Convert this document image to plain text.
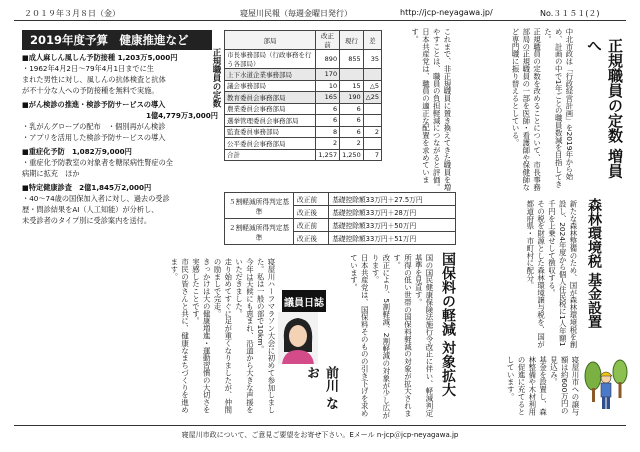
２０１９年３月８日（金）	寝屋川民報（毎週金曜日発行）	http://jcp-neyagawa.jp/	No.３１５１(２)
2019年度予算　健康推進など
■成人麻しん風しん予防接種 1,203万5,000円
・1962年4月2日〜79年4月1日までに生
まれた男性に対し、風しんの抗体検査と抗体
が不十分な人への予防接種を無料で実施。
■がん検診の推進・検診予防サービスの導入
1億4,779万3,000円
・乳がんグローブの配布　・個別再がん検診
・アプリを活用した検診予防サービスの導入
■重症化予防　 1,082万9,000円
・重症化予防教室の対象者を糖尿病性腎症の全
病期に拡充　ほか
■特定健康診査　 2億1,845万2,000円
・40〜74歳の国保加入者に対し、過去の受診
歴・問診結果をAI（人工知能）が分析し、
未受診者のタイプ別に受診案内を送付。
正規職員の定数
部局	改正前	現行	差
市長事務部局（行政事務を行う各部局）	890	855	35
上下水道企業事務部局	170		
議会事務部局	10	15	△5
教育委員会事務部局	165	190	△25
農業委員会事務部局	6	6	
選挙管理委員会事務部局	6	6	
監査委員事務部局	8	6	2
公平委員会事務部局	2	2	
合計	1,257	1,250	7	これまで、非正規職員に置き換えてきた職員を増やすことは、職員の負担軽減につながると評価。
日本共産党は、職員の適正な配置を求めています。	中北市政は「行政経営計画」を2019年から始め、計画の中で1年ごとの職員数減を目指してきた。
正規職員の定数を改めることについて、市長事務部局の正規職員の一部を医師・看護師や保健師など専門職に振り替えるとしている。	正規職員の定数 増員へ
森林環境税 基金設置
新たな森林整備のため、国が森林環境税を創設し、2024年度から個人住民税に1人年額1千円を上乗せして徴収する。
その税を財源とした森林環境譲与税を、国が都道府県・市町村に配分。
寝屋川市への譲与額は約600万円の見込み。
基金を設置し、森林整備や木材利用の促進に充てるとしています。
５割軽減所得判定基準	改正前	基礎控除額33万円＋27.5万円
	改正後	基礎控除額33万円＋28万円
２割軽減所得判定基準	改正前	基礎控除額33万円＋50万円
	改正後	基礎控除額33万円＋51万円
国保料の軽減 対象拡大
国の国民健康保険法施行令改正に伴い、軽減判定基準を見直す。
所得の低い世帯の国保料軽減の対象が拡大されます。
改正により、5割軽減、2割軽減の対象が少し広がります。
日本共産党は、国保料そのものの引き下げを求めています。
議員日誌
前川 なお
寝屋川ハーフマラソン大会に初めて参加しました。私は一般の部で10km。
今年は天候にも恵まれ、沿道から大きな声援をいただきました。
走り始めてすぐに足が重くなりましたが、仲間の励ましで完走。
きっかけは大の健康増進・運動習慣の大切さを実感したことです。
市民の皆さんと共に、健康なまちづくりを進めます。
寝屋川市政について、ご意見ご要望をお寄せ下さい。Eメール n-jcp＠jcp-neyagawa.jp
